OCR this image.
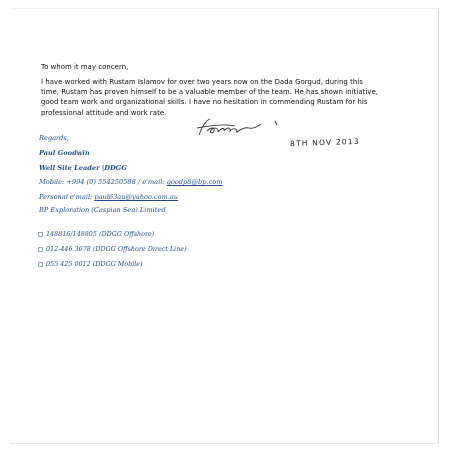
To whom it may concern,
I have worked with Rustam Islamov for over two years now on the Dada Gorgud, during this
time, Rustam has proven himself to be a valuable member of the team. He has shown initiative,
good team work and organizational skills. I have no hesitation in commending Rustam for his
professional attitude and work rate.
8TH NOV 2013
Regards,
Paul Goodwin
Well Site Leader |DDGG
Mobile: +994 (0) 554250588 / e'mail: goodp8@bp.com
Personal e'mail: paul63au@yahoo.com.au
BP Exploration (Caspian Sea) Limited
148816/148805 (DDGG Offshore)
012-446 3678 (DDGG Offshore Direct Line)
055 425 0012 (DDGG Mobile)
